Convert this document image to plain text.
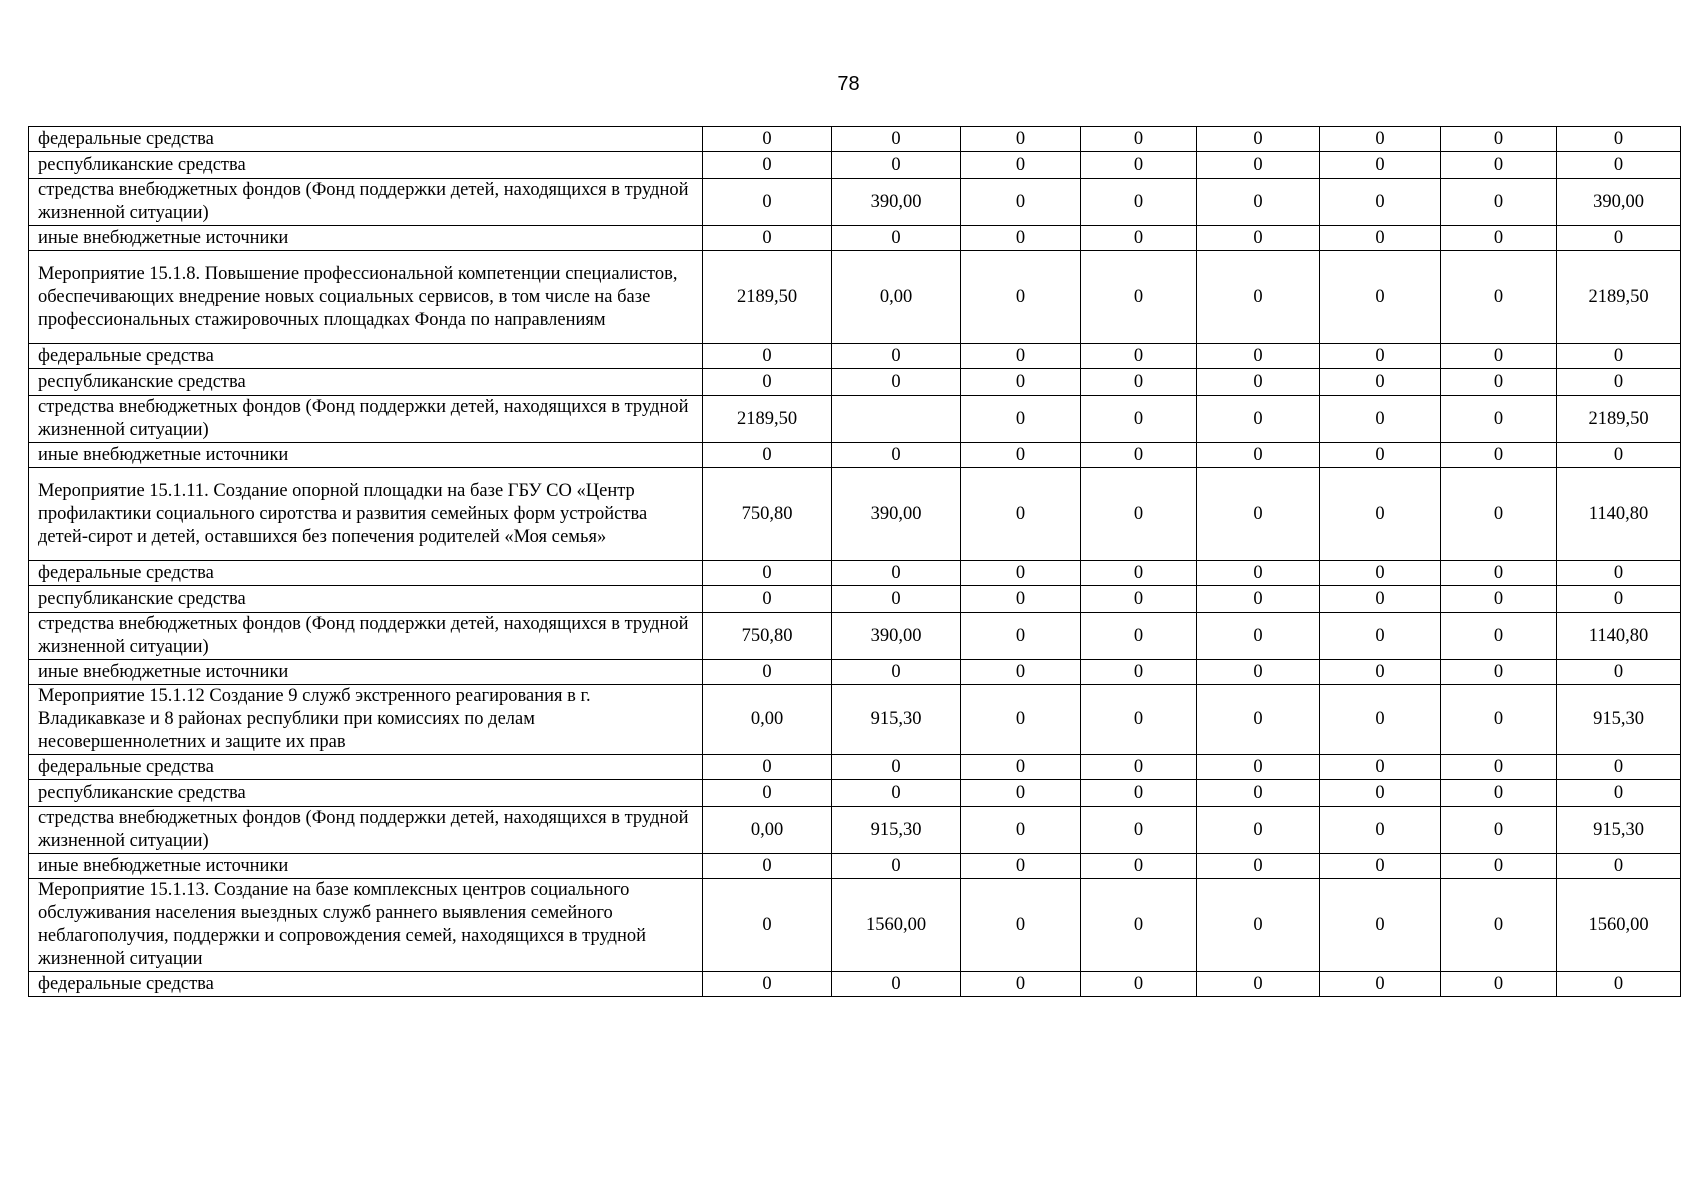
78
федеральные средства	0	0	0	0	0	0	0	0
республиканские средства	0	0	0	0	0	0	0	0
стредства внебюджетных фондов (Фонд поддержки детей, находящихся в трудной жизненной ситуации)	0	390,00	0	0	0	0	0	390,00
иные внебюджетные источники	0	0	0	0	0	0	0	0
Мероприятие 15.1.8. Повышение профессиональной компетенции специалистов, обеспечивающих внедрение новых социальных сервисов, в том числе на базе профессиональных стажировочных площадках Фонда по направлениям	2189,50	0,00	0	0	0	0	0	2189,50
федеральные средства	0	0	0	0	0	0	0	0
республиканские средства	0	0	0	0	0	0	0	0
стредства внебюджетных фондов (Фонд поддержки детей, находящихся в трудной жизненной ситуации)	2189,50		0	0	0	0	0	2189,50
иные внебюджетные источники	0	0	0	0	0	0	0	0
Мероприятие 15.1.11. Создание опорной площадки на базе ГБУ СО «Центр профилактики социального сиротства и развития семейных форм устройства детей-сирот и детей, оставшихся без попечения родителей «Моя семья»	750,80	390,00	0	0	0	0	0	1140,80
федеральные средства	0	0	0	0	0	0	0	0
республиканские средства	0	0	0	0	0	0	0	0
стредства внебюджетных фондов (Фонд поддержки детей, находящихся в трудной жизненной ситуации)	750,80	390,00	0	0	0	0	0	1140,80
иные внебюджетные источники	0	0	0	0	0	0	0	0
Мероприятие 15.1.12 Создание 9 служб экстренного реагирования в г. Владикавказе и 8 районах республики при комиссиях по делам несовершеннолетних и защите их прав	0,00	915,30	0	0	0	0	0	915,30
федеральные средства	0	0	0	0	0	0	0	0
республиканские средства	0	0	0	0	0	0	0	0
стредства внебюджетных фондов (Фонд поддержки детей, находящихся в трудной жизненной ситуации)	0,00	915,30	0	0	0	0	0	915,30
иные внебюджетные источники	0	0	0	0	0	0	0	0
Мероприятие 15.1.13. Создание на базе комплексных центров социального обслуживания населения выездных служб раннего выявления семейного неблагополучия, поддержки и сопровождения семей, находящихся в трудной жизненной ситуации	0	1560,00	0	0	0	0	0	1560,00
федеральные средства	0	0	0	0	0	0	0	0
